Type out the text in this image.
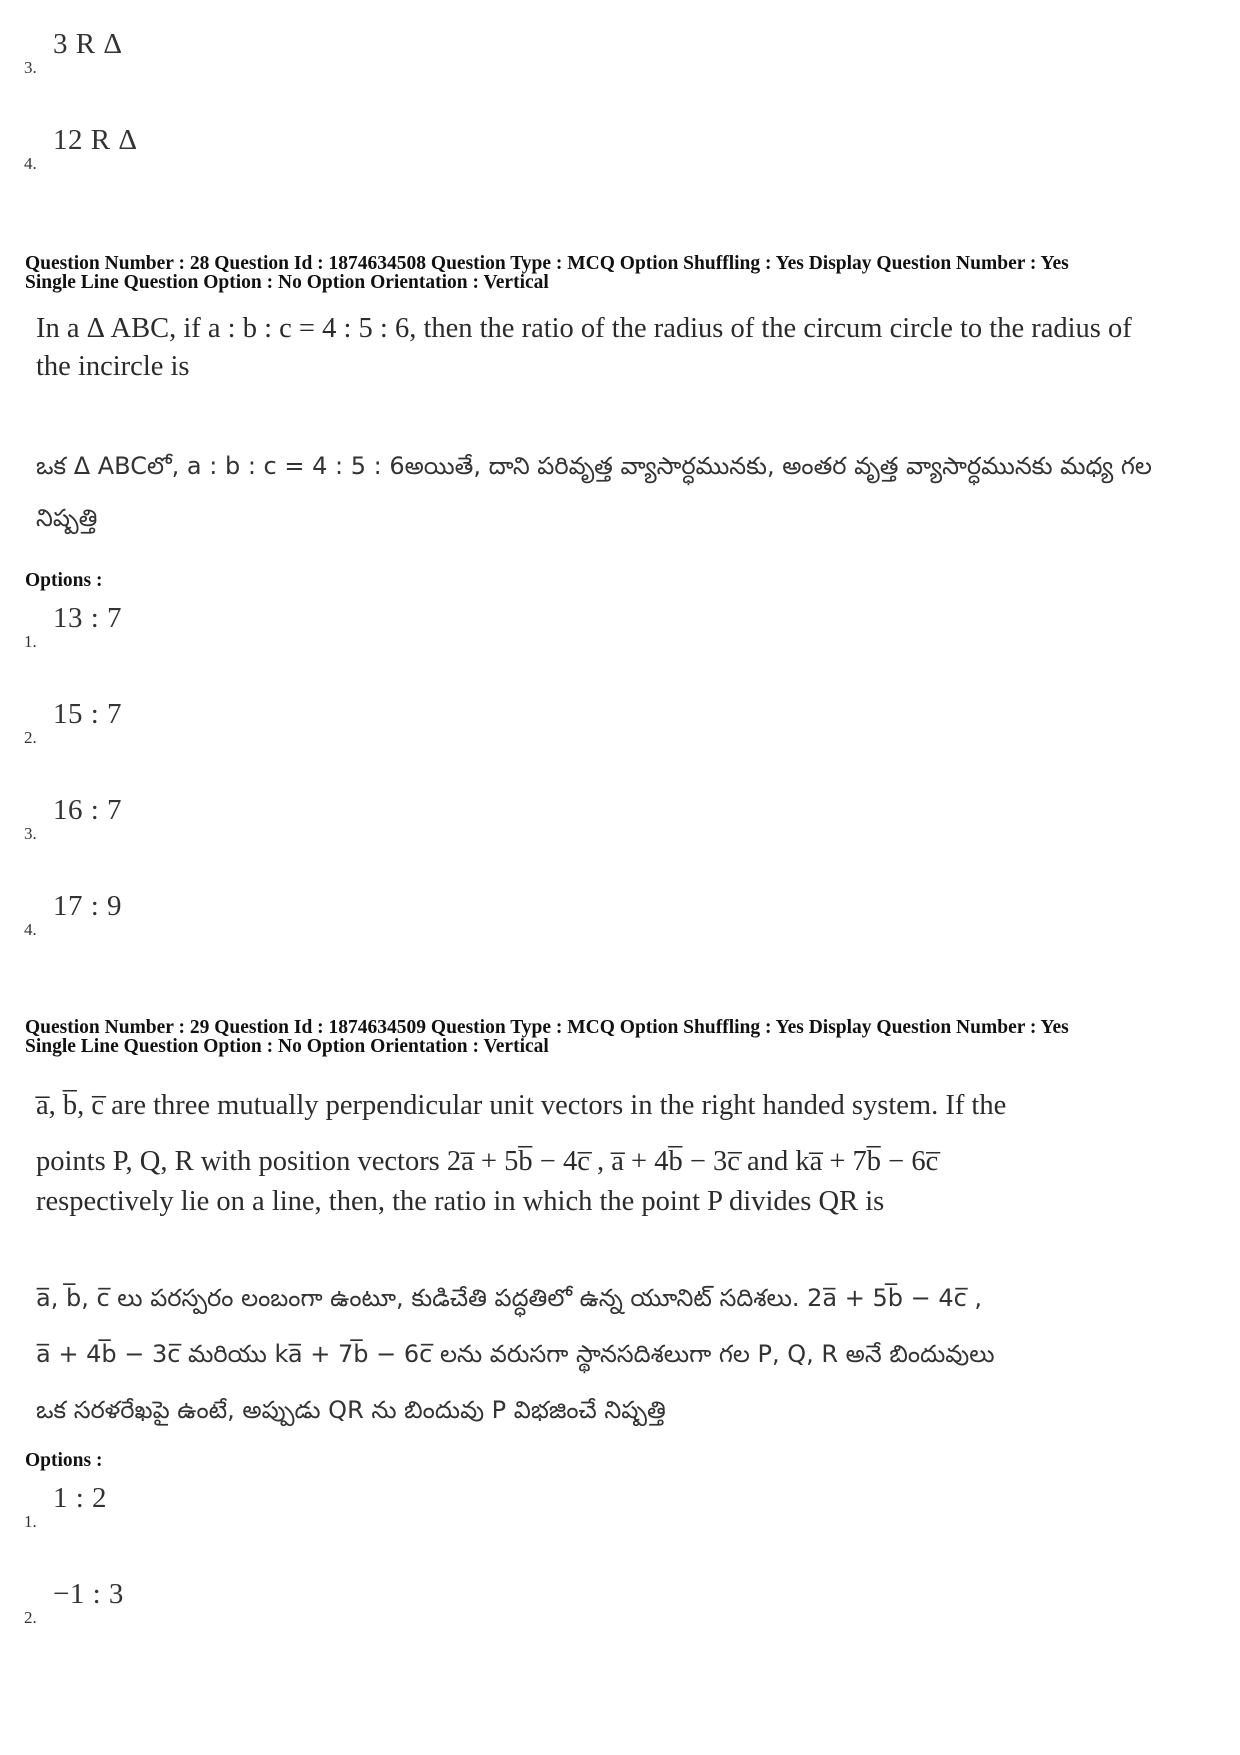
3.
3 R Δ
4.
12 R Δ
Question Number : 28 Question Id : 1874634508 Question Type : MCQ Option Shuffling : Yes Display Question Number : Yes
Single Line Question Option : No Option Orientation : Vertical
In a Δ ABC, if a : b : c = 4 : 5 : 6, then the ratio of the radius of the circum circle to the radius of the incircle is
ఒక Δ ABCలో, a : b : c = 4 : 5 : 6అయితే, దాని పరివృత్త వ్యాసార్ధమునకు, అంతర వృత్త వ్యాసార్ధమునకు మధ్య గల నిష్పత్తి
Options :
1.
13 : 7
2.
15 : 7
3.
16 : 7
4.
17 : 9
Question Number : 29 Question Id : 1874634509 Question Type : MCQ Option Shuffling : Yes Display Question Number : Yes
Single Line Question Option : No Option Orientation : Vertical
a̅, b̅, c̅ are three mutually perpendicular unit vectors in the right handed system. If the
points P, Q, R with position vectors 2a̅ + 5b̅ − 4c̅ , a̅ + 4b̅ − 3c̅ and ka̅ + 7b̅ − 6c̅
respectively lie on a line, then, the ratio in which the point P divides QR is
a̅, b̅, c̅ లు పరస్పరం లంబంగా ఉంటూ, కుడిచేతి పద్ధతిలో ఉన్న యూనిట్ సదిశలు. 2a̅ + 5b̅ − 4c̅ ,
a̅ + 4b̅ − 3c̅ మరియు ka̅ + 7b̅ − 6c̅ లను వరుసగా స్థానసదిశలుగా గల P, Q, R అనే బిందువులు
ఒక సరళరేఖపై ఉంటే, అప్పుడు QR ను బిందువు P విభజించే నిష్పత్తి
Options :
1.
1 : 2
2.
−1 : 3
